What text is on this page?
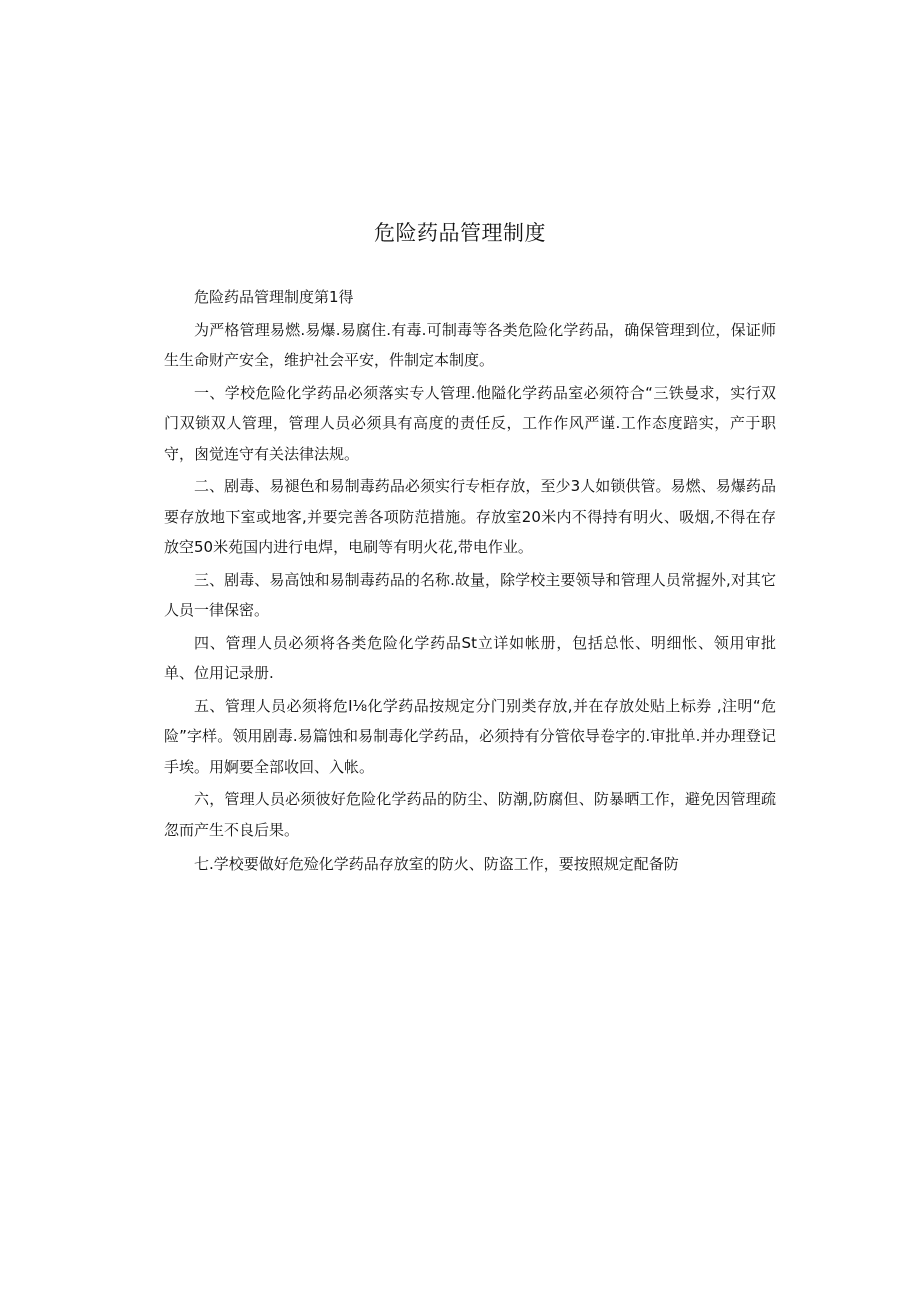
危险药品管理制度

危险药品管理制度第1得

为严格管理易燃.易爆.易腐住.有毒.可制毒等各类危险化学药品，确保管理到位，保证师生生命财产安全，维护社会平安，件制定本制度。

一、学校危险化学药品必须落实专人管理.他隘化学药品室必须符合“三铁曼求，实行双门双锁双人管理，管理人员必须具有高度的责任反，工作作风严谨.工作态度踣实，产于职守，囪觉连守有关法律法规。

二、剧毒、易褪色和易制毒药品必须实行专柜存放，至少3人如锁供管。易燃、易爆药品要存放地下室或地客,并要完善各项防范措施。存放室20米内不得持有明火、吸烟,不得在存放空50米苑国内进行电焊，电刷等有明火花,带电作业。

三、剧毒、易高蚀和易制毒药品的名称.故量，除学校主要领导和管理人员常握外,对其它人员一律保密。

四、管理人员必须将各类危险化学药品St立详如帐册，包括总怅、明细怅、领用审批单、位用记录册.

五、管理人员必须将危I⅛化学药品按规定分门别类存放,并在存放处贴上标券 ,注明“危险”字样。领用剧毒.易篇蚀和易制毒化学药品，必须持有分管依导卷字的.审批单.并办理登记手埃。用婀要全部收回、入帐。

六，管理人员必须彼好危险化学药品的防尘、防潮,防腐但、防暴晒工作，避免因管理疏忽而产生不良后果。

七.学校要做好危殓化学药品存放室的防火、防盗工作，要按照规定配备防
